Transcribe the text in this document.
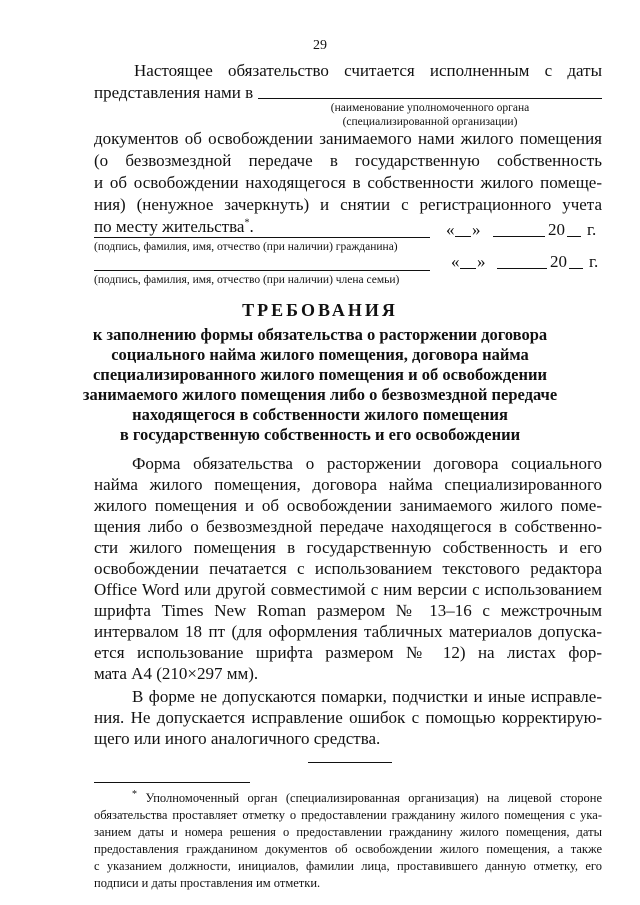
29
Настоящее обязательство считается исполненным с даты
представления нами в
(наименование уполномоченного органа
(специализированной организации)
документов об освобождении занимаемого нами жилого помещения
(о безвозмездной передаче в государственную собственность
и об освобождении находящегося в собственности жилого помеще-
ния) (ненужное зачеркнуть) и снятии с регистрационного учета
по месту жительства*.
(подпись, фамилия, имя, отчество (при наличии) гражданина)
« »	20 г.
(подпись, фамилия, имя, отчество (при наличии) члена семьи)
« »	20 г.
ТРЕБОВАНИЯ
к заполнению формы обязательства о расторжении договора
социального найма жилого помещения, договора найма
специализированного жилого помещения и об освобождении
занимаемого жилого помещения либо о безвозмездной передаче
находящегося в собственности жилого помещения
в государственную собственность и его освобождении
Форма обязательства о расторжении договора социального
найма жилого помещения, договора найма специализированного
жилого помещения и об освобождении занимаемого жилого поме-
щения либо о безвозмездной передаче находящегося в собственно-
сти жилого помещения в государственную собственность и его
освобождении печатается с использованием текстового редактора
Office Word или другой совместимой с ним версии с использованием
шрифта Times New Roman размером № 13–16 с межстрочным
интервалом 18 пт (для оформления табличных материалов допуска-
ется использование шрифта размером № 12) на листах фор-
мата А4 (210×297 мм).
В форме не допускаются помарки, подчистки и иные исправле-
ния. Не допускается исправление ошибок с помощью корректирую-
щего или иного аналогичного средства.
* Уполномоченный орган (специализированная организация) на лицевой стороне
обязательства проставляет отметку о предоставлении гражданину жилого помещения с ука-
занием даты и номера решения о предоставлении гражданину жилого помещения, даты
предоставления гражданином документов об освобождении жилого помещения, а также
с указанием должности, инициалов, фамилии лица, проставившего данную отметку, его
подписи и даты проставления им отметки.
